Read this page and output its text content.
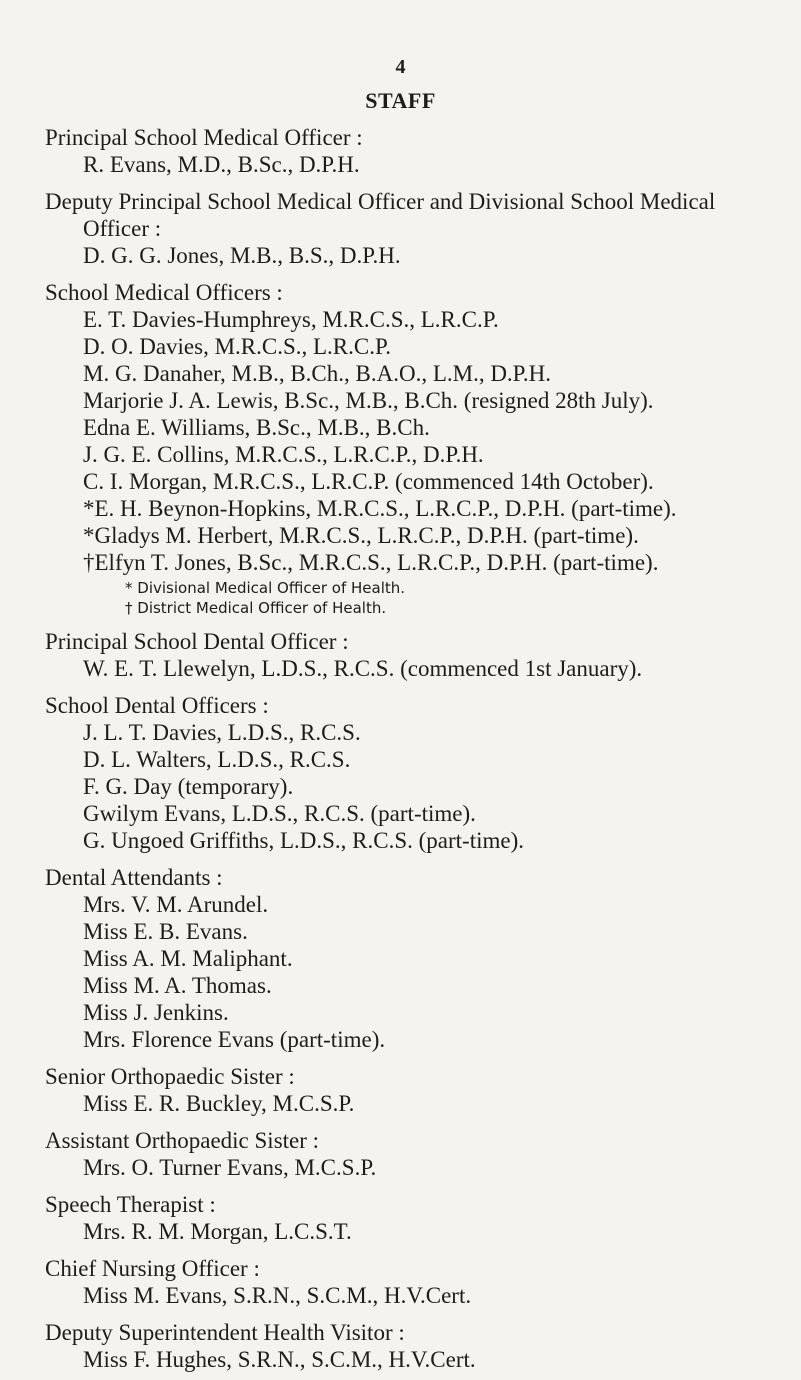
4
STAFF
Principal School Medical Officer :
R. Evans, M.D., B.Sc., D.P.H.
Deputy Principal School Medical Officer and Divisional School Medical Officer :
D. G. G. Jones, M.B., B.S., D.P.H.
School Medical Officers :
E. T. Davies-Humphreys, M.R.C.S., L.R.C.P.
D. O. Davies, M.R.C.S., L.R.C.P.
M. G. Danaher, M.B., B.Ch., B.A.O., L.M., D.P.H.
Marjorie J. A. Lewis, B.Sc., M.B., B.Ch. (resigned 28th July).
Edna E. Williams, B.Sc., M.B., B.Ch.
J. G. E. Collins, M.R.C.S., L.R.C.P., D.P.H.
C. I. Morgan, M.R.C.S., L.R.C.P. (commenced 14th October).
*E. H. Beynon-Hopkins, M.R.C.S., L.R.C.P., D.P.H. (part-time).
*Gladys M. Herbert, M.R.C.S., L.R.C.P., D.P.H. (part-time).
†Elfyn T. Jones, B.Sc., M.R.C.S., L.R.C.P., D.P.H. (part-time).
* Divisional Medical Officer of Health.
† District Medical Officer of Health.
Principal School Dental Officer :
W. E. T. Llewelyn, L.D.S., R.C.S. (commenced 1st January).
School Dental Officers :
J. L. T. Davies, L.D.S., R.C.S.
D. L. Walters, L.D.S., R.C.S.
F. G. Day (temporary).
Gwilym Evans, L.D.S., R.C.S. (part-time).
G. Ungoed Griffiths, L.D.S., R.C.S. (part-time).
Dental Attendants :
Mrs. V. M. Arundel.
Miss E. B. Evans.
Miss A. M. Maliphant.
Miss M. A. Thomas.
Miss J. Jenkins.
Mrs. Florence Evans (part-time).
Senior Orthopaedic Sister :
Miss E. R. Buckley, M.C.S.P.
Assistant Orthopaedic Sister :
Mrs. O. Turner Evans, M.C.S.P.
Speech Therapist :
Mrs. R. M. Morgan, L.C.S.T.
Chief Nursing Officer :
Miss M. Evans, S.R.N., S.C.M., H.V.Cert.
Deputy Superintendent Health Visitor :
Miss F. Hughes, S.R.N., S.C.M., H.V.Cert.
